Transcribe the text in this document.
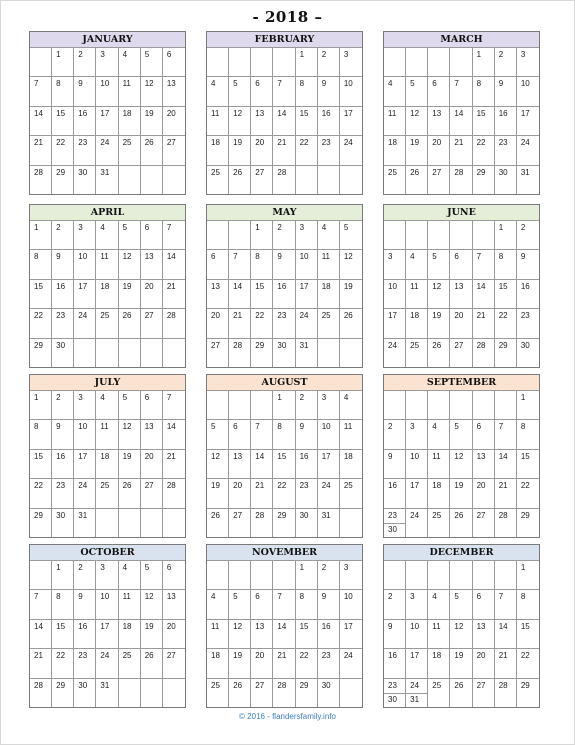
- 2018 –
JANUARY
1 2 3 4 5 6
7 8 9 10 11 12 13
14 15 16 17 18 19 20
21 22 23 24 25 26 27
28 29 30 31
FEBRUARY
1 2 3
4 5 6 7 8 9 10
11 12 13 14 15 16 17
18 19 20 21 22 23 24
25 26 27 28
MARCH
1 2 3
4 5 6 7 8 9 10
11 12 13 14 15 16 17
18 19 20 21 22 23 24
25 26 27 28 29 30 31
APRIL
1 2 3 4 5 6 7
8 9 10 11 12 13 14
15 16 17 18 19 20 21
22 23 24 25 26 27 28
29 30
MAY
1 2 3 4 5
6 7 8 9 10 11 12
13 14 15 16 17 18 19
20 21 22 23 24 25 26
27 28 29 30 31
JUNE
1 2
3 4 5 6 7 8 9
10 11 12 13 14 15 16
17 18 19 20 21 22 23
24 25 26 27 28 29 30
JULY
1 2 3 4 5 6 7
8 9 10 11 12 13 14
15 16 17 18 19 20 21
22 23 24 25 26 27 28
29 30 31
AUGUST
1 2 3 4
5 6 7 8 9 10 11
12 13 14 15 16 17 18
19 20 21 22 23 24 25
26 27 28 29 30 31
SEPTEMBER
1
2 3 4 5 6 7 8
9 10 11 12 13 14 15
16 17 18 19 20 21 22
23
30
24 25 26 27 28 29
OCTOBER
1 2 3 4 5 6
7 8 9 10 11 12 13
14 15 16 17 18 19 20
21 22 23 24 25 26 27
28 29 30 31
NOVEMBER
1 2 3
4 5 6 7 8 9 10
11 12 13 14 15 16 17
18 19 20 21 22 23 24
25 26 27 28 29 30
DECEMBER
1
2 3 4 5 6 7 8
9 10 11 12 13 14 15
16 17 18 19 20 21 22
23
30
24
31
25 26 27 28 29
© 2016 - flandersfamily.info
